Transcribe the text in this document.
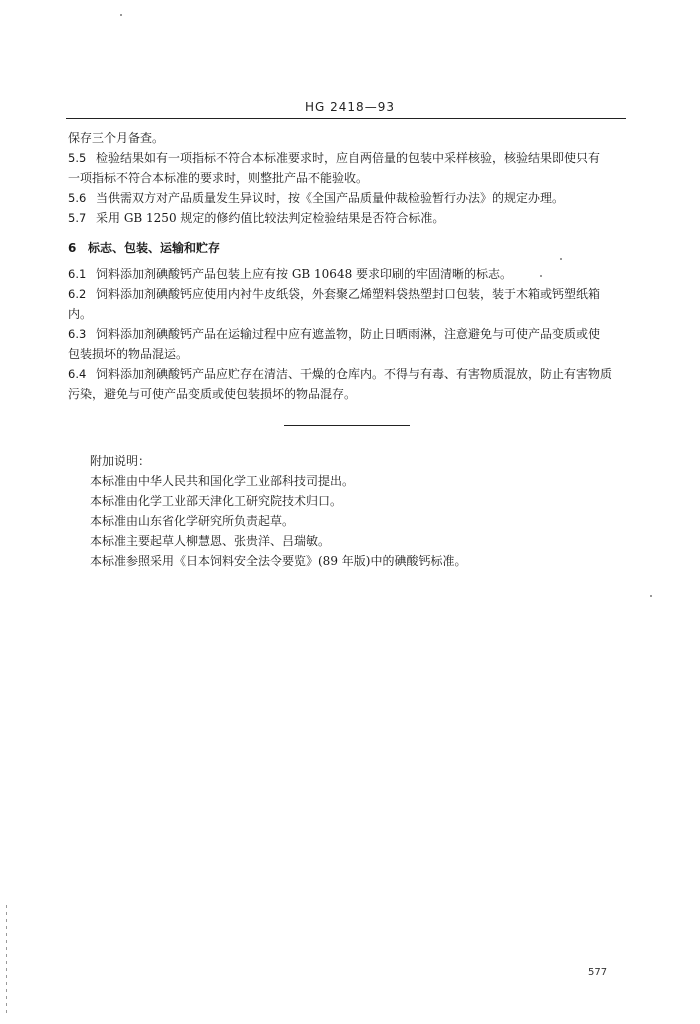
HG 2418—93
保存三个月备查。
5.5 检验结果如有一项指标不符合本标准要求时，应自两倍量的包装中采样核验，核验结果即使只有
一项指标不符合本标准的要求时，则整批产品不能验收。
5.6 当供需双方对产品质量发生异议时，按《全国产品质量仲裁检验暂行办法》的规定办理。
5.7 采用 GB 1250 规定的修约值比较法判定检验结果是否符合标准。
6 标志、包装、运输和贮存
6.1 饲料添加剂碘酸钙产品包装上应有按 GB 10648 要求印刷的牢固清晰的标志。
6.2 饲料添加剂碘酸钙应使用内衬牛皮纸袋，外套聚乙烯塑料袋热塑封口包装，装于木箱或钙塑纸箱
内。
6.3 饲料添加剂碘酸钙产品在运输过程中应有遮盖物，防止日晒雨淋，注意避免与可使产品变质或使
包装损坏的物品混运。
6.4 饲料添加剂碘酸钙产品应贮存在清洁、干燥的仓库内。不得与有毒、有害物质混放，防止有害物质
污染，避免与可使产品变质或使包装损坏的物品混存。
附加说明：
本标准由中华人民共和国化学工业部科技司提出。
本标准由化学工业部天津化工研究院技术归口。
本标准由山东省化学研究所负责起草。
本标准主要起草人柳慧恩、张贵洋、吕瑞敏。
本标准参照采用《日本饲料安全法令要览》(89 年版)中的碘酸钙标准。
577
